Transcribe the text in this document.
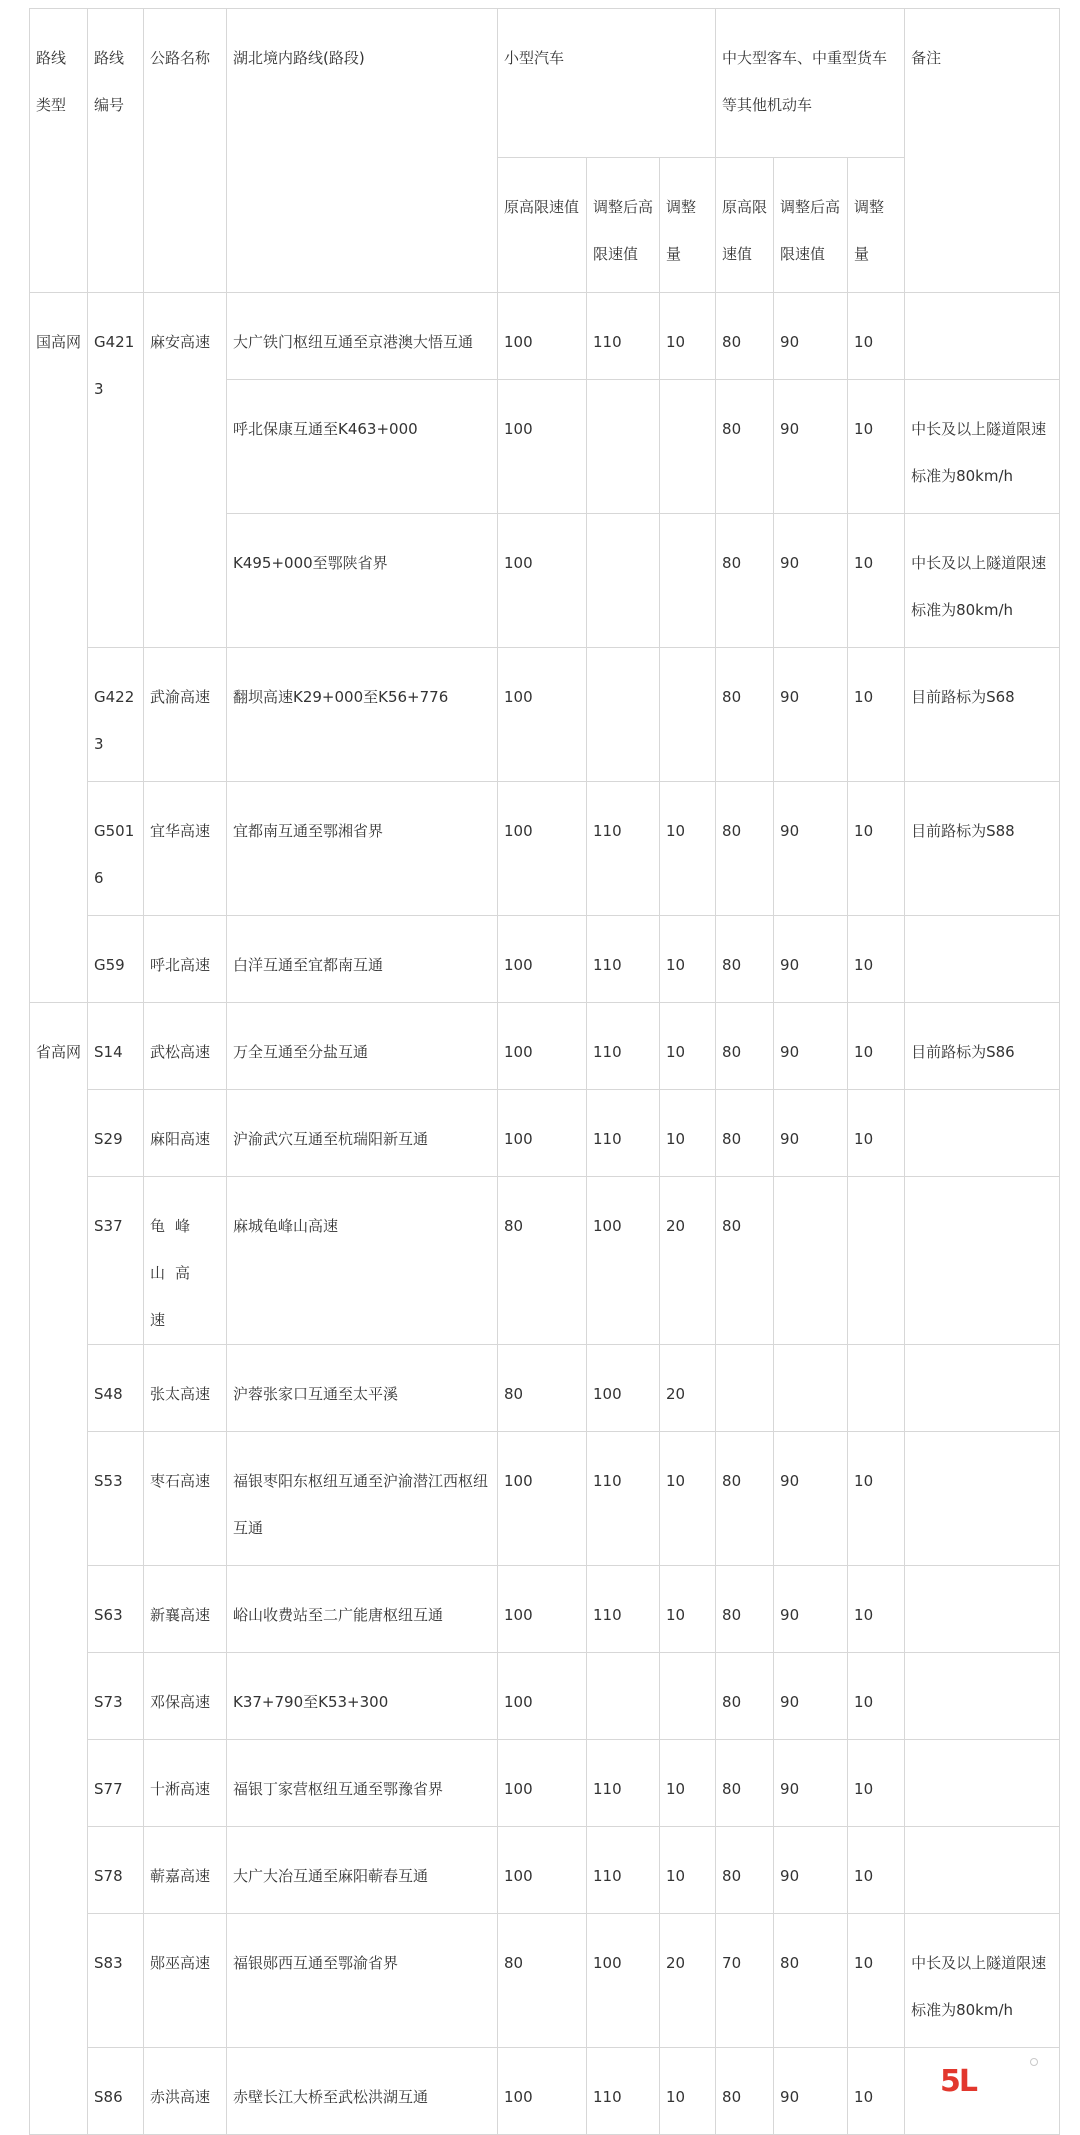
路线
类型	路线
编号	公路名称	湖北境内路线(路段)	小型汽车			中大型客车、中重型货车等其他机动车			备注
				原高限速值	调整后高限速值	调整量	原高限速值	调整后高限速值	调整量	
国高网	G4213	麻安高速	大广铁门枢纽互通至京港澳大悟互通	100	110	10	80	90	10	
			呼北保康互通至K463+000	100			80	90	10	中长及以上隧道限速标准为80km/h
			K495+000至鄂陕省界	100			80	90	10	中长及以上隧道限速标准为80km/h
	G4223	武渝高速	翻坝高速K29+000至K56+776	100			80	90	10	目前路标为S68
	G5016	宜华高速	宜都南互通至鄂湘省界	100	110	10	80	90	10	目前路标为S88
	G59	呼北高速	白洋互通至宜都南互通	100	110	10	80	90	10	
省高网	S14	武松高速	万全互通至分盐互通	100	110	10	80	90	10	目前路标为S86
	S29	麻阳高速	沪渝武穴互通至杭瑞阳新互通	100	110	10	80	90	10	
	S37	龟峰山高速	麻城龟峰山高速	80	100	20	80			
	S48	张太高速	沪蓉张家口互通至太平溪	80	100	20				
	S53	枣石高速	福银枣阳东枢纽互通至沪渝潜江西枢纽互通	100	110	10	80	90	10	
	S63	新襄高速	峪山收费站至二广能唐枢纽互通	100	110	10	80	90	10	
	S73	邓保高速	K37+790至K53+300	100			80	90	10	
	S77	十淅高速	福银丁家营枢纽互通至鄂豫省界	100	110	10	80	90	10	
	S78	蕲嘉高速	大广大冶互通至麻阳蕲春互通	100	110	10	80	90	10	
	S83	郧巫高速	福银郧西互通至鄂渝省界	80	100	20	70	80	10	中长及以上隧道限速标准为80km/h
	S86	赤洪高速	赤壁长江大桥至武松洪湖互通	100	110	10	80	90	10	5L
